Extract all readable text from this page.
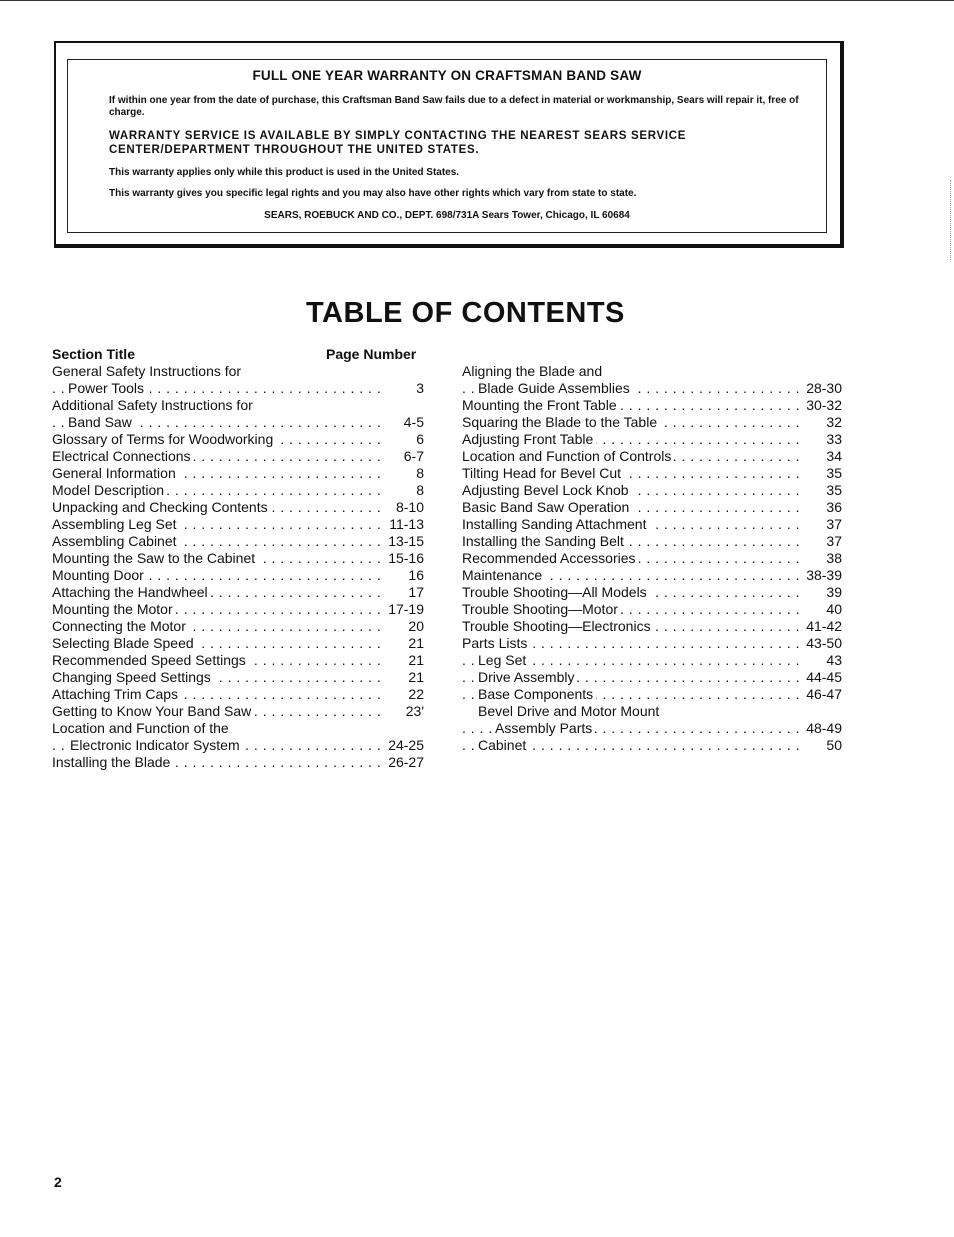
FULL ONE YEAR WARRANTY ON CRAFTSMAN BAND SAW
If within one year from the date of purchase, this Craftsman Band Saw fails due to a defect in material or workmanship, Sears will repair it, free of charge.
WARRANTY SERVICE IS AVAILABLE BY SIMPLY CONTACTING THE NEAREST SEARS SERVICE CENTER/DEPARTMENT THROUGHOUT THE UNITED STATES.
This warranty applies only while this product is used in the United States.
This warranty gives you specific legal rights and you may also have other rights which vary from state to state.
SEARS, ROEBUCK AND CO., DEPT. 698/731A Sears Tower, Chicago, IL 60684
TABLE OF CONTENTS
Section Title	Page Number
General Safety Instructions for
. . . Power Tools	3
Additional Safety Instructions for
. . . Band Saw	4-5
. . . Glossary of Terms for Woodworking	6
. . . Electrical Connections	6-7
. . . General Information	8
. . . Model Description	8
. . . Unpacking and Checking Contents	8-10
. . . Assembling Leg Set	11-13
. . . Assembling Cabinet	13-15
. . . Mounting the Saw to the Cabinet	15-16
. . . Mounting Door	16
. . . Attaching the Handwheel	17
. . . Mounting the Motor	17-19
. . . Connecting the Motor	20
. . . Selecting Blade Speed	21
. . . Recommended Speed Settings	21
. . . Changing Speed Settings	21
. . . Attaching Trim Caps	22
. . . Getting to Know Your Band Saw	23'
Location and Function of the
. . . Electronic Indicator System	24-25
. . . Installing the Blade	26-27
Aligning the Blade and
. . . Blade Guide Assemblies	28-30
. . . Mounting the Front Table	30-32
. . . Squaring the Blade to the Table	32
. . . Adjusting Front Table	33
. . . Location and Function of Controls	34
. . . Tilting Head for Bevel Cut	35
. . . Adjusting Bevel Lock Knob	35
. . . Basic Band Saw Operation	36
. . . Installing Sanding Attachment	37
. . . Installing the Sanding Belt	37
. . . Recommended Accessories	38
. . . Maintenance	38-39
. . . Trouble Shooting—All Models	39
. . . Trouble Shooting—Motor	40
. . . Trouble Shooting—Electronics	41-42
. . . Parts Lists	43-50
. . . Leg Set	43
. . . Drive Assembly	44-45
. . . Base Components	46-47
Bevel Drive and Motor Mount
. . . Assembly Parts	48-49
. . . Cabinet	50
2
